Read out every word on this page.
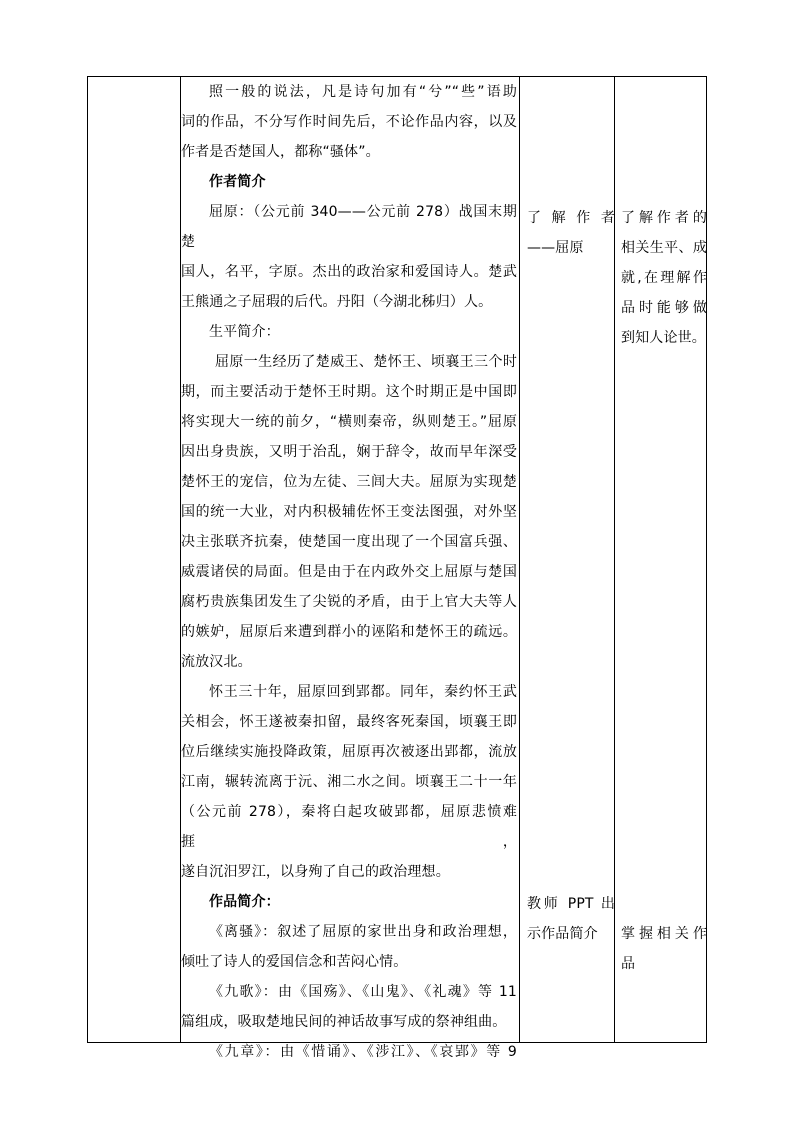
照一般的说法，凡是诗句加有“兮”“些”语助

词的作品，不分写作时间先后，不论作品内容，以及

作者是否楚国人，都称“骚体”。

作者简介

屈原：（公元前 340——公元前 278）战国末期楚

国人，名平，字原。杰出的政治家和爱国诗人。楚武

王熊通之子屈瑕的后代。丹阳（今湖北秭归）人。

生平简介：

屈原一生经历了楚威王、楚怀王、顷襄王三个时

期，而主要活动于楚怀王时期。这个时期正是中国即

将实现大一统的前夕，“横则秦帝，纵则楚王。”屈原

因出身贵族，又明于治乱，娴于辞令，故而早年深受

楚怀王的宠信，位为左徒、三闾大夫。屈原为实现楚

国的统一大业，对内积极辅佐怀王变法图强，对外坚

决主张联齐抗秦，使楚国一度出现了一个国富兵强、

威震诸侯的局面。但是由于在内政外交上屈原与楚国

腐朽贵族集团发生了尖锐的矛盾，由于上官大夫等人

的嫉妒，屈原后来遭到群小的诬陷和楚怀王的疏远。

流放汉北。

怀王三十年，屈原回到郢都。同年，秦约怀王武

关相会，怀王遂被秦扣留，最终客死秦国，顷襄王即

位后继续实施投降政策，屈原再次被逐出郢都，流放

江南，辗转流离于沅、湘二水之间。顷襄王二十一年

（公元前 278），秦将白起攻破郢都，屈原悲愤难捱，

遂自沉汨罗江，以身殉了自己的政治理想。

作品简介：

《离骚》：叙述了屈原的家世出身和政治理想，

倾吐了诗人的爱国信念和苦闷心情。

《九歌》：由《国殇》、《山鬼》、《礼魂》等 11

篇组成，吸取楚地民间的神话故事写成的祭神组曲。

《九章》：由《惜诵》、《涉江》、《哀郢》等 9

了 解 作 者

——屈原

教师 PPT 出

示作品简介

了解作者的

相关生平、成

就,在理解作

品时能够做

到知人论世。

掌握相关作

品
